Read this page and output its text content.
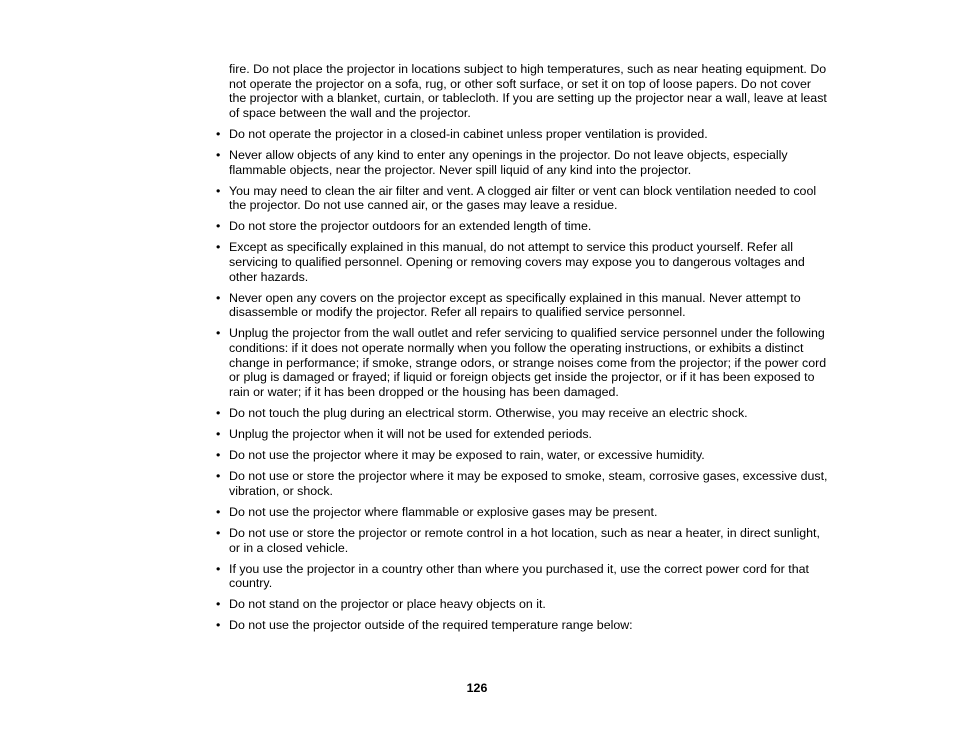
fire. Do not place the projector in locations subject to high temperatures, such as near heating equipment. Do not operate the projector on a sofa, rug, or other soft surface, or set it on top of loose papers. Do not cover the projector with a blanket, curtain, or tablecloth. If you are setting up the projector near a wall, leave at least of space between the wall and the projector.

• Do not operate the projector in a closed-in cabinet unless proper ventilation is provided.
• Never allow objects of any kind to enter any openings in the projector. Do not leave objects, especially flammable objects, near the projector. Never spill liquid of any kind into the projector.
• You may need to clean the air filter and vent. A clogged air filter or vent can block ventilation needed to cool the projector. Do not use canned air, or the gases may leave a residue.
• Do not store the projector outdoors for an extended length of time.
• Except as specifically explained in this manual, do not attempt to service this product yourself. Refer all servicing to qualified personnel. Opening or removing covers may expose you to dangerous voltages and other hazards.
• Never open any covers on the projector except as specifically explained in this manual. Never attempt to disassemble or modify the projector. Refer all repairs to qualified service personnel.
• Unplug the projector from the wall outlet and refer servicing to qualified service personnel under the following conditions: if it does not operate normally when you follow the operating instructions, or exhibits a distinct change in performance; if smoke, strange odors, or strange noises come from the projector; if the power cord or plug is damaged or frayed; if liquid or foreign objects get inside the projector, or if it has been exposed to rain or water; if it has been dropped or the housing has been damaged.
• Do not touch the plug during an electrical storm. Otherwise, you may receive an electric shock.
• Unplug the projector when it will not be used for extended periods.
• Do not use the projector where it may be exposed to rain, water, or excessive humidity.
• Do not use or store the projector where it may be exposed to smoke, steam, corrosive gases, excessive dust, vibration, or shock.
• Do not use the projector where flammable or explosive gases may be present.
• Do not use or store the projector or remote control in a hot location, such as near a heater, in direct sunlight, or in a closed vehicle.
• If you use the projector in a country other than where you purchased it, use the correct power cord for that country.
• Do not stand on the projector or place heavy objects on it.
• Do not use the projector outside of the required temperature range below:
126
